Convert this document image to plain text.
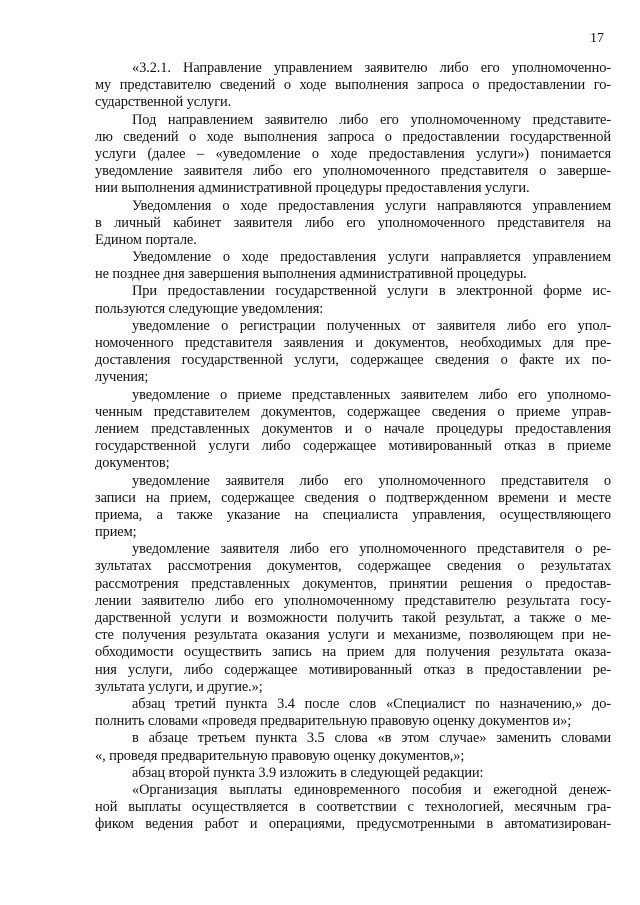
17
«3.2.1. Направление управлением заявителю либо его уполномоченно-
му представителю сведений о ходе выполнения запроса о предоставлении го-
сударственной услуги.
Под направлением заявителю либо его уполномоченному представите-
лю сведений о ходе выполнения запроса о предоставлении государственной
услуги (далее – «уведомление о ходе предоставления услуги») понимается
уведомление заявителя либо его уполномоченного представителя о заверше-
нии выполнения административной процедуры предоставления услуги.
Уведомления о ходе предоставления услуги направляются управлением
в личный кабинет заявителя либо его уполномоченного представителя на
Едином портале.
Уведомление о ходе предоставления услуги направляется управлением
не позднее дня завершения выполнения административной процедуры.
При предоставлении государственной услуги в электронной форме ис-
пользуются следующие уведомления:
уведомление о регистрации полученных от заявителя либо его упол-
номоченного представителя заявления и документов, необходимых для пре-
доставления государственной услуги, содержащее сведения о факте их по-
лучения;
уведомление о приеме представленных заявителем либо его уполномо-
ченным представителем документов, содержащее сведения о приеме управ-
лением представленных документов и о начале процедуры предоставления
государственной услуги либо содержащее мотивированный отказ в приеме
документов;
уведомление заявителя либо его уполномоченного представителя о
записи на прием, содержащее сведения о подтвержденном времени и месте
приема, а также указание на специалиста управления, осуществляющего
прием;
уведомление заявителя либо его уполномоченного представителя о ре-
зультатах рассмотрения документов, содержащее сведения о результатах
рассмотрения представленных документов, принятии решения о предостав-
лении заявителю либо его уполномоченному представителю результата госу-
дарственной услуги и возможности получить такой результат, а также о ме-
сте получения результата оказания услуги и механизме, позволяющем при не-
обходимости осуществить запись на прием для получения результата оказа-
ния услуги, либо содержащее мотивированный отказ в предоставлении ре-
зультата услуги, и другие.»;
абзац третий пункта 3.4 после слов «Специалист по назначению,» до-
полнить словами «проведя предварительную правовую оценку документов и»;
в абзаце третьем пункта 3.5 слова «в этом случае» заменить словами
«, проведя предварительную правовую оценку документов,»;
абзац второй пункта 3.9 изложить в следующей редакции:
«Организация выплаты единовременного пособия и ежегодной денеж-
ной выплаты осуществляется в соответствии с технологией, месячным гра-
фиком ведения работ и операциями, предусмотренными в автоматизирован-
